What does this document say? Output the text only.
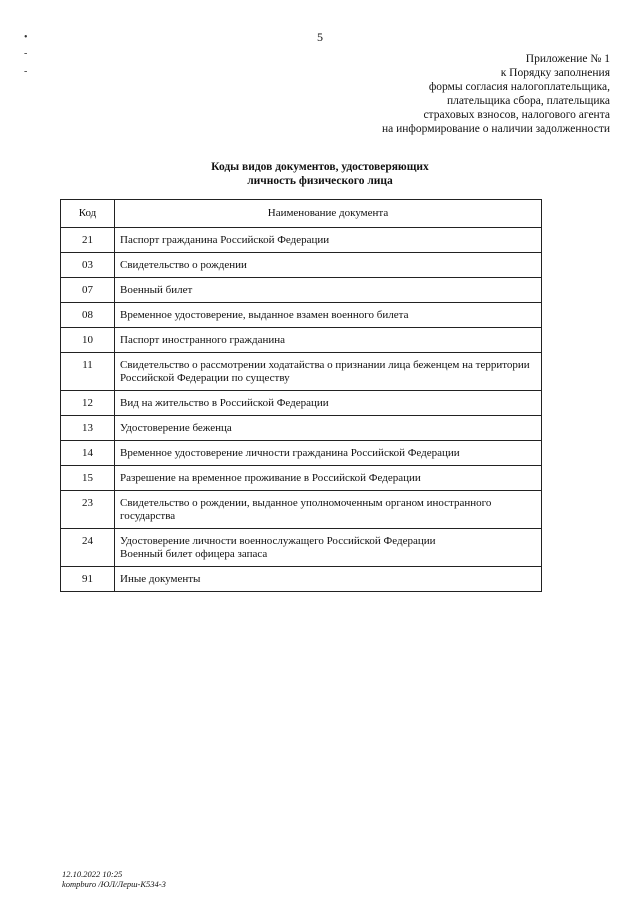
5
•
-
-
Приложение № 1
к Порядку заполнения
формы согласия налогоплательщика,
плательщика сбора, плательщика
страховых взносов, налогового агента
на информирование о наличии задолженности
Коды видов документов, удостоверяющих
личность физического лица
Код	Наименование документа
21	Паспорт гражданина Российской Федерации
03	Свидетельство о рождении
07	Военный билет
08	Временное удостоверение, выданное взамен военного билета
10	Паспорт иностранного гражданина
11	Свидетельство о рассмотрении ходатайства о признании лица беженцем на территории Российской Федерации по существу
12	Вид на жительство в Российской Федерации
13	Удостоверение беженца
14	Временное удостоверение личности гражданина Российской Федерации
15	Разрешение на временное проживание в Российской Федерации
23	Свидетельство о рождении, выданное уполномоченным органом иностранного государства
24	Удостоверение личности военнослужащего Российской Федерации
Военный билет офицера запаса
91	Иные документы
12.10.2022 10:25
kompburo /ЮЛ/Лерш-К534-3
